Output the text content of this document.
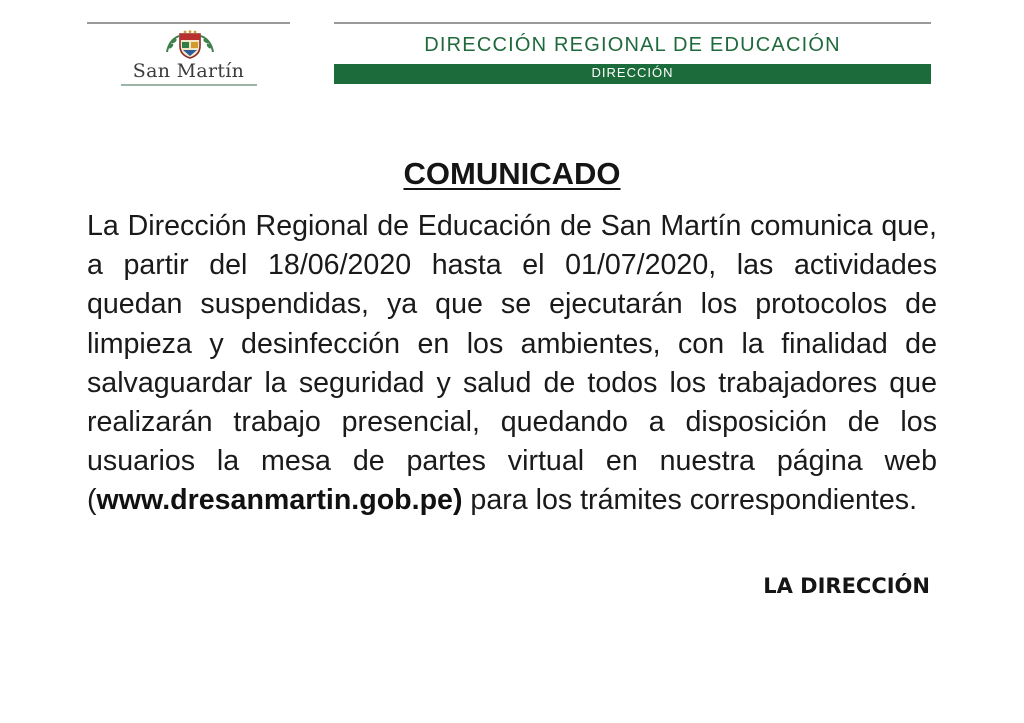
San Martín
DIRECCIÓN REGIONAL DE EDUCACIÓN
DIRECCIÓN
COMUNICADO

La Dirección Regional de Educación de San Martín comunica que, a partir del 18/06/2020 hasta el 01/07/2020, las actividades quedan suspendidas, ya que se ejecutarán los protocolos de limpieza y desinfección en los ambientes, con la finalidad de salvaguardar la seguridad y salud de todos los trabajadores que realizarán trabajo presencial, quedando a disposición de los usuarios la mesa de partes virtual en nuestra página web (www.dresanmartin.gob.pe) para los trámites correspondientes.

LA DIRECCIÓN
